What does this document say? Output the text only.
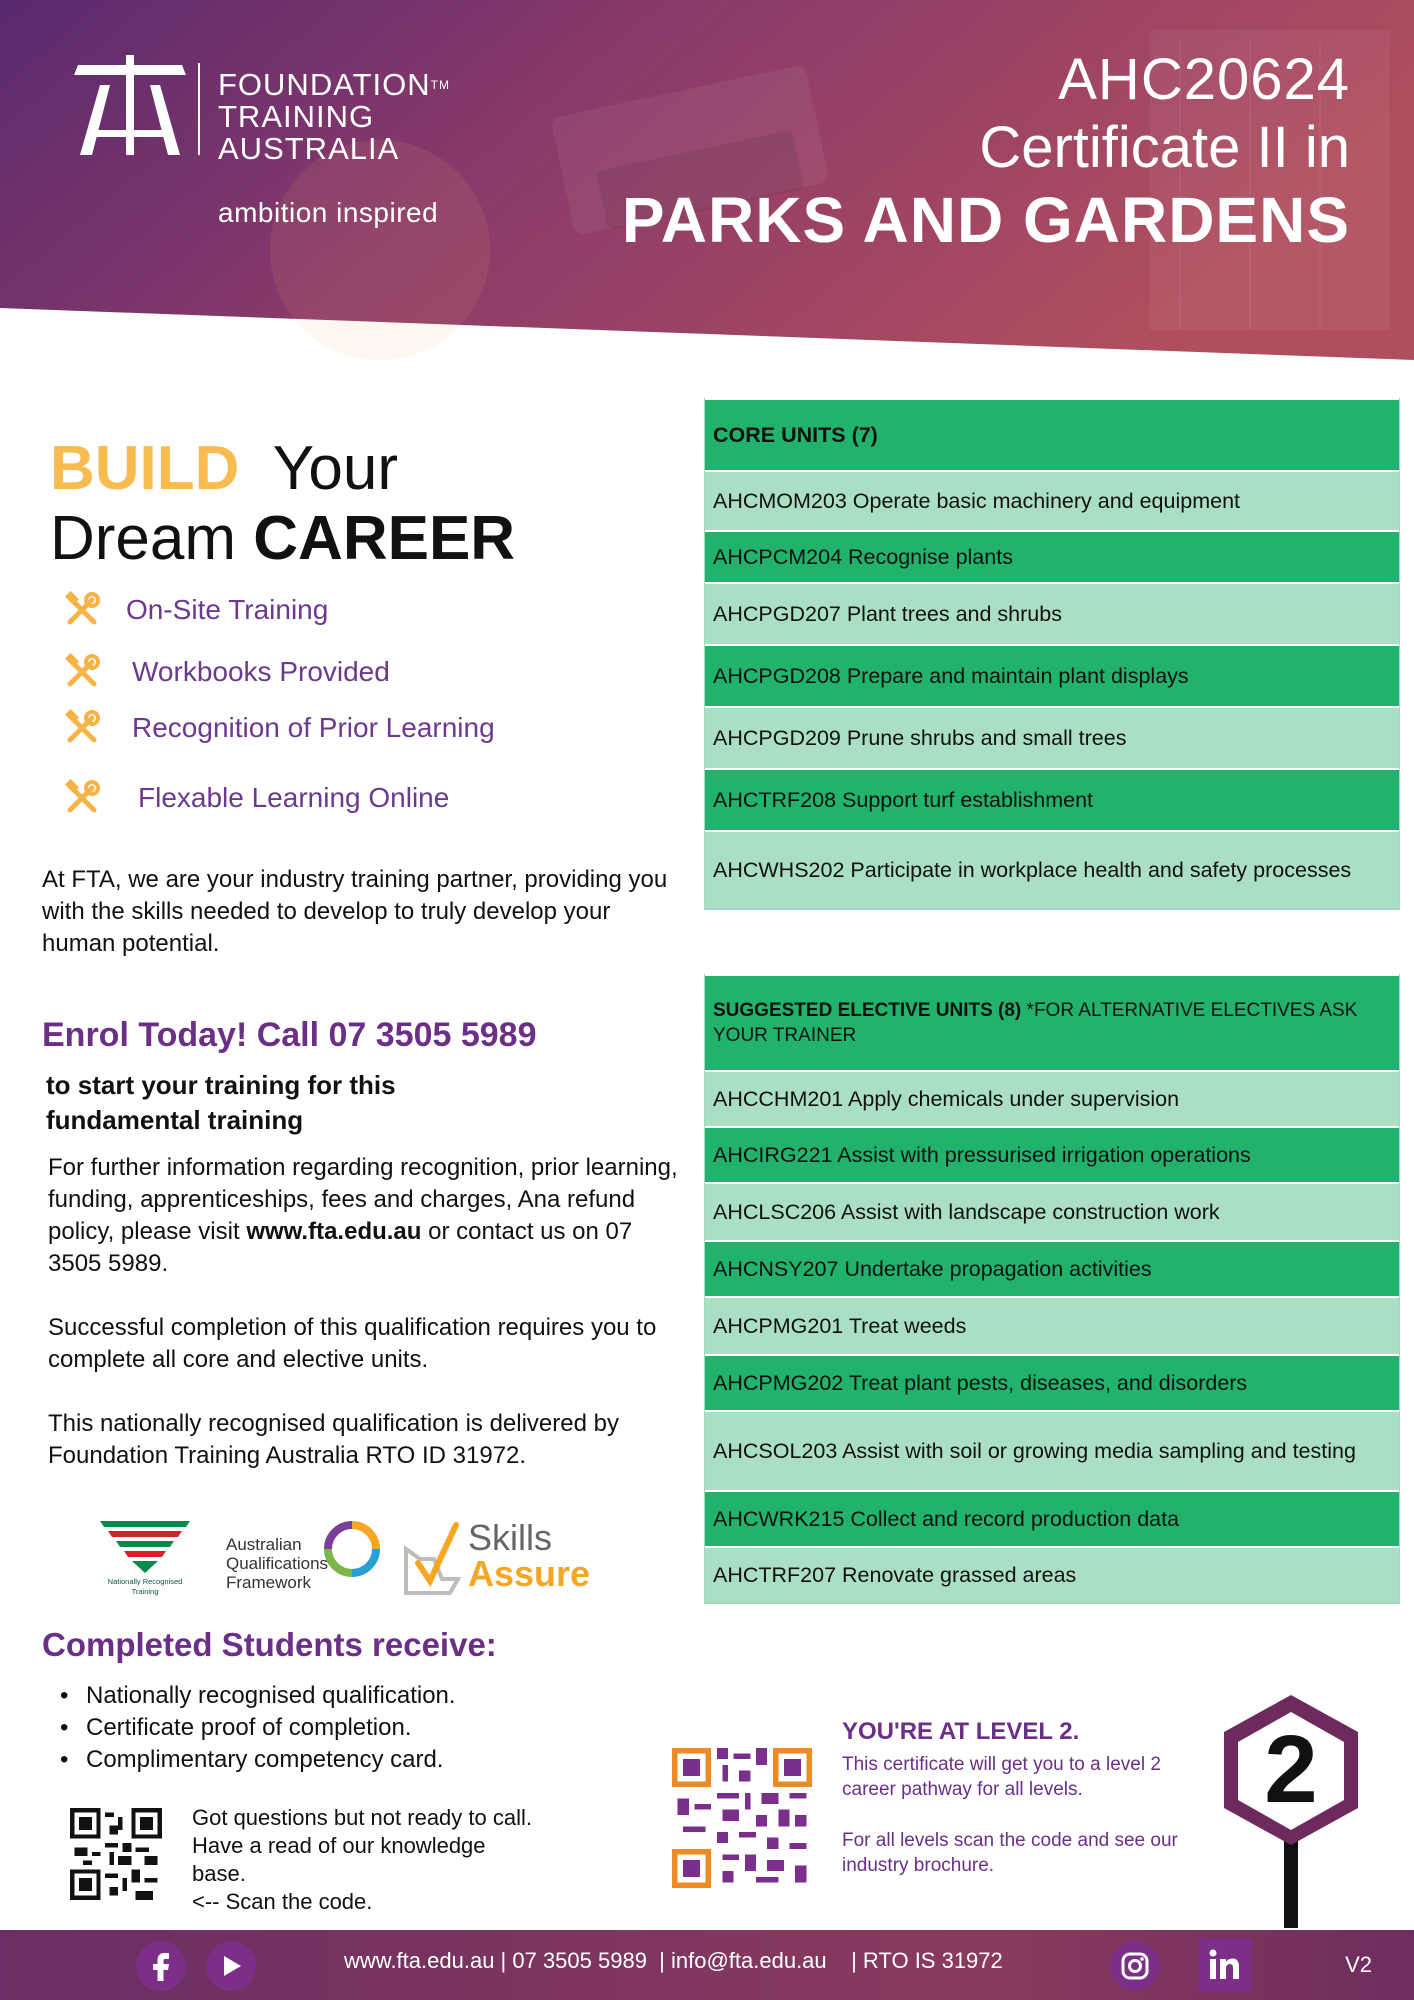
FOUNDATION™
TRAINING
AUSTRALIA
ambition inspired
AHC20624
Certificate II in
PARKS AND GARDENS
BUILD Your
Dream CAREER
On-Site Training
Workbooks Provided
Recognition of Prior Learning
Flexable Learning Online
At FTA, we are your industry training partner, providing you with the skills needed to develop to truly develop your human potential.
Enrol Today! Call 07 3505 5989
to start your training for this fundamental training
For further information regarding recognition, prior learning, funding, apprenticeships, fees and charges, Ana refund policy, please visit www.fta.edu.au or contact us on 07 3505 5989.
Successful completion of this qualification requires you to complete all core and elective units.
This nationally recognised qualification is delivered by Foundation Training Australia RTO ID 31972.
Nationally Recognised
Training
Australian
Qualifications
Framework
Skills
Assure
Completed Students receive:
• Nationally recognised qualification.
• Certificate proof of completion.
• Complimentary competency card.
Got questions but not ready to call.
Have a read of our knowledge
base.
<-- Scan the code.
CORE UNITS (7)
AHCMOM203 Operate basic machinery and equipment
AHCPCM204 Recognise plants
AHCPGD207 Plant trees and shrubs
AHCPGD208 Prepare and maintain plant displays
AHCPGD209 Prune shrubs and small trees
AHCTRF208 Support turf establishment
AHCWHS202 Participate in workplace health and safety processes
SUGGESTED ELECTIVE UNITS (8) *FOR ALTERNATIVE ELECTIVES ASK YOUR TRAINER
AHCCHM201 Apply chemicals under supervision
AHCIRG221 Assist with pressurised irrigation operations
AHCLSC206 Assist with landscape construction work
AHCNSY207 Undertake propagation activities
AHCPMG201 Treat weeds
AHCPMG202 Treat plant pests, diseases, and disorders
AHCSOL203 Assist with soil or growing media sampling and testing
AHCWRK215 Collect and record production data
AHCTRF207 Renovate grassed areas
YOU'RE AT LEVEL 2.
This certificate will get you to a level 2 career pathway for all levels.
For all levels scan the code and see our industry brochure.
2
www.fta.edu.au | 07 3505 5989  | info@fta.edu.au    | RTO IS 31972	V2
